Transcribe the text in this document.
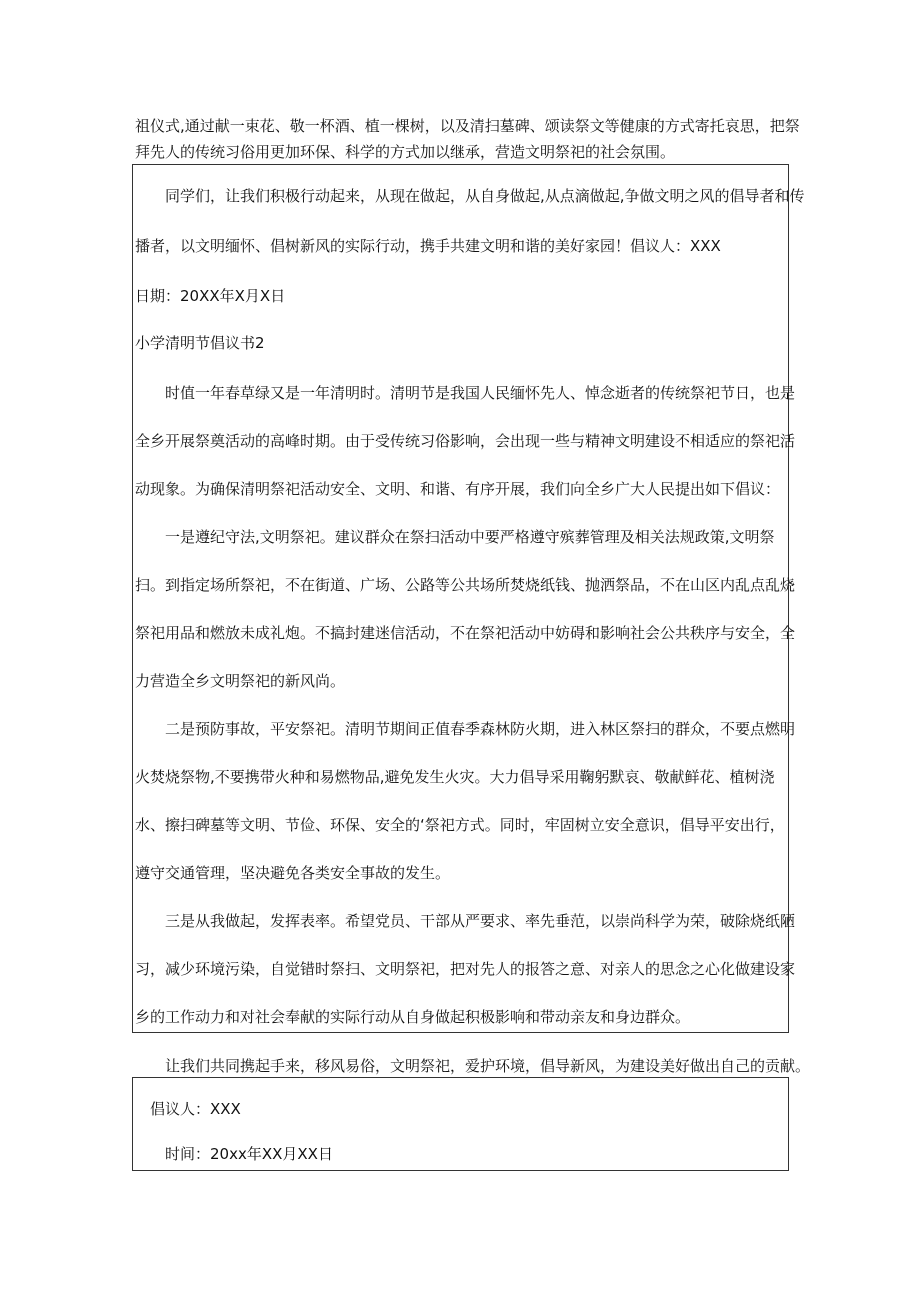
祖仪式,通过献一束花、敬一杯酒、植一棵树，以及清扫墓碑、颂读祭文等健康的方式寄托哀思，把祭
拜先人的传统习俗用更加环保、科学的方式加以继承，营造文明祭祀的社会氛围。
同学们，让我们积极行动起来，从现在做起，从自身做起,从点滴做起,争做文明之风的倡导者和传
播者，以文明缅怀、倡树新风的实际行动，携手共建文明和谐的美好家园！倡议人：XXX
日期：20XX年X月X日
小学清明节倡议书2
时值一年春草绿又是一年清明时。清明节是我国人民缅怀先人、悼念逝者的传统祭祀节日，也是
全乡开展祭奠活动的高峰时期。由于受传统习俗影响，会出现一些与精神文明建设不相适应的祭祀活
动现象。为确保清明祭祀活动安全、文明、和谐、有序开展，我们向全乡广大人民提出如下倡议：
一是遵纪守法,文明祭祀。建议群众在祭扫活动中要严格遵守殡葬管理及相关法规政策,文明祭
扫。到指定场所祭祀，不在街道、广场、公路等公共场所焚烧纸钱、抛洒祭品，不在山区内乱点乱烧
祭祀用品和燃放未成礼炮。不搞封建迷信活动，不在祭祀活动中妨碍和影响社会公共秩序与安全，全
力营造全乡文明祭祀的新风尚。
二是预防事故，平安祭祀。清明节期间正值春季森林防火期，进入林区祭扫的群众，不要点燃明
火焚烧祭物,不要携带火种和易燃物品,避免发生火灾。大力倡导采用鞠躬默哀、敬献鲜花、植树浇
水、擦扫碑墓等文明、节俭、环保、安全的‘祭祀方式。同时，牢固树立安全意识，倡导平安出行，
遵守交通管理，坚决避免各类安全事故的发生。
三是从我做起，发挥表率。希望党员、干部从严要求、率先垂范，以崇尚科学为荣，破除烧纸陋
习，减少环境污染，自觉错时祭扫、文明祭祀，把对先人的报答之意、对亲人的思念之心化做建设家
乡的工作动力和对社会奉献的实际行动从自身做起积极影响和带动亲友和身边群众。
让我们共同携起手来，移风易俗，文明祭祀，爱护环境，倡导新风，为建设美好做出自己的贡献。
倡议人：XXX
时间：20xx年XX月XX日
